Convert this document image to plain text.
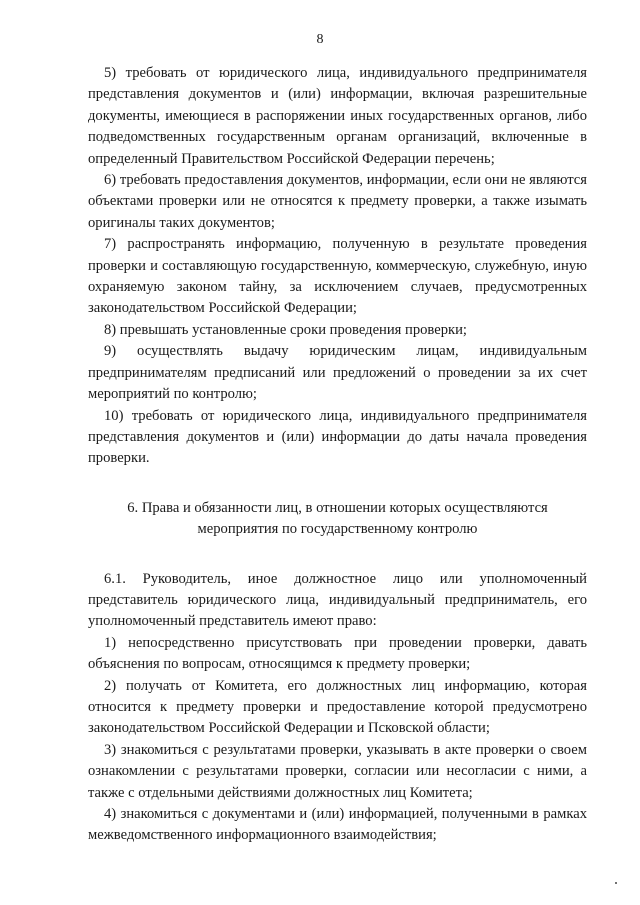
8

5) требовать от юридического лица, индивидуального предпринимателя представления документов и (или) информации, включая разрешительные документы, имеющиеся в распоряжении иных государственных органов, либо подведомственных государственным органам организаций, включенные в определенный Правительством Российской Федерации перечень;

6) требовать предоставления документов, информации, если они не являются объектами проверки или не относятся к предмету проверки, а также изымать оригиналы таких документов;

7) распространять информацию, полученную в результате проведения проверки и составляющую государственную, коммерческую, служебную, иную охраняемую законом тайну, за исключением случаев, предусмотренных законодательством Российской Федерации;

8) превышать установленные сроки проведения проверки;

9) осуществлять выдачу юридическим лицам, индивидуальным предпринимателям предписаний или предложений о проведении за их счет мероприятий по контролю;

10) требовать от юридического лица, индивидуального предпринимателя представления документов и (или) информации до даты начала проведения проверки.

6. Права и обязанности лиц, в отношении которых осуществляются
мероприятия по государственному контролю

6.1. Руководитель, иное должностное лицо или уполномоченный представитель юридического лица, индивидуальный предприниматель, его уполномоченный представитель имеют право:

1) непосредственно присутствовать при проведении проверки, давать объяснения по вопросам, относящимся к предмету проверки;

2) получать от Комитета, его должностных лиц информацию, которая относится к предмету проверки и предоставление которой предусмотрено законодательством Российской Федерации и Псковской области;

3) знакомиться с результатами проверки, указывать в акте проверки о своем ознакомлении с результатами проверки, согласии или несогласии с ними, а также с отдельными действиями должностных лиц Комитета;

4) знакомиться с документами и (или) информацией, полученными в рамках межведомственного информационного взаимодействия;
